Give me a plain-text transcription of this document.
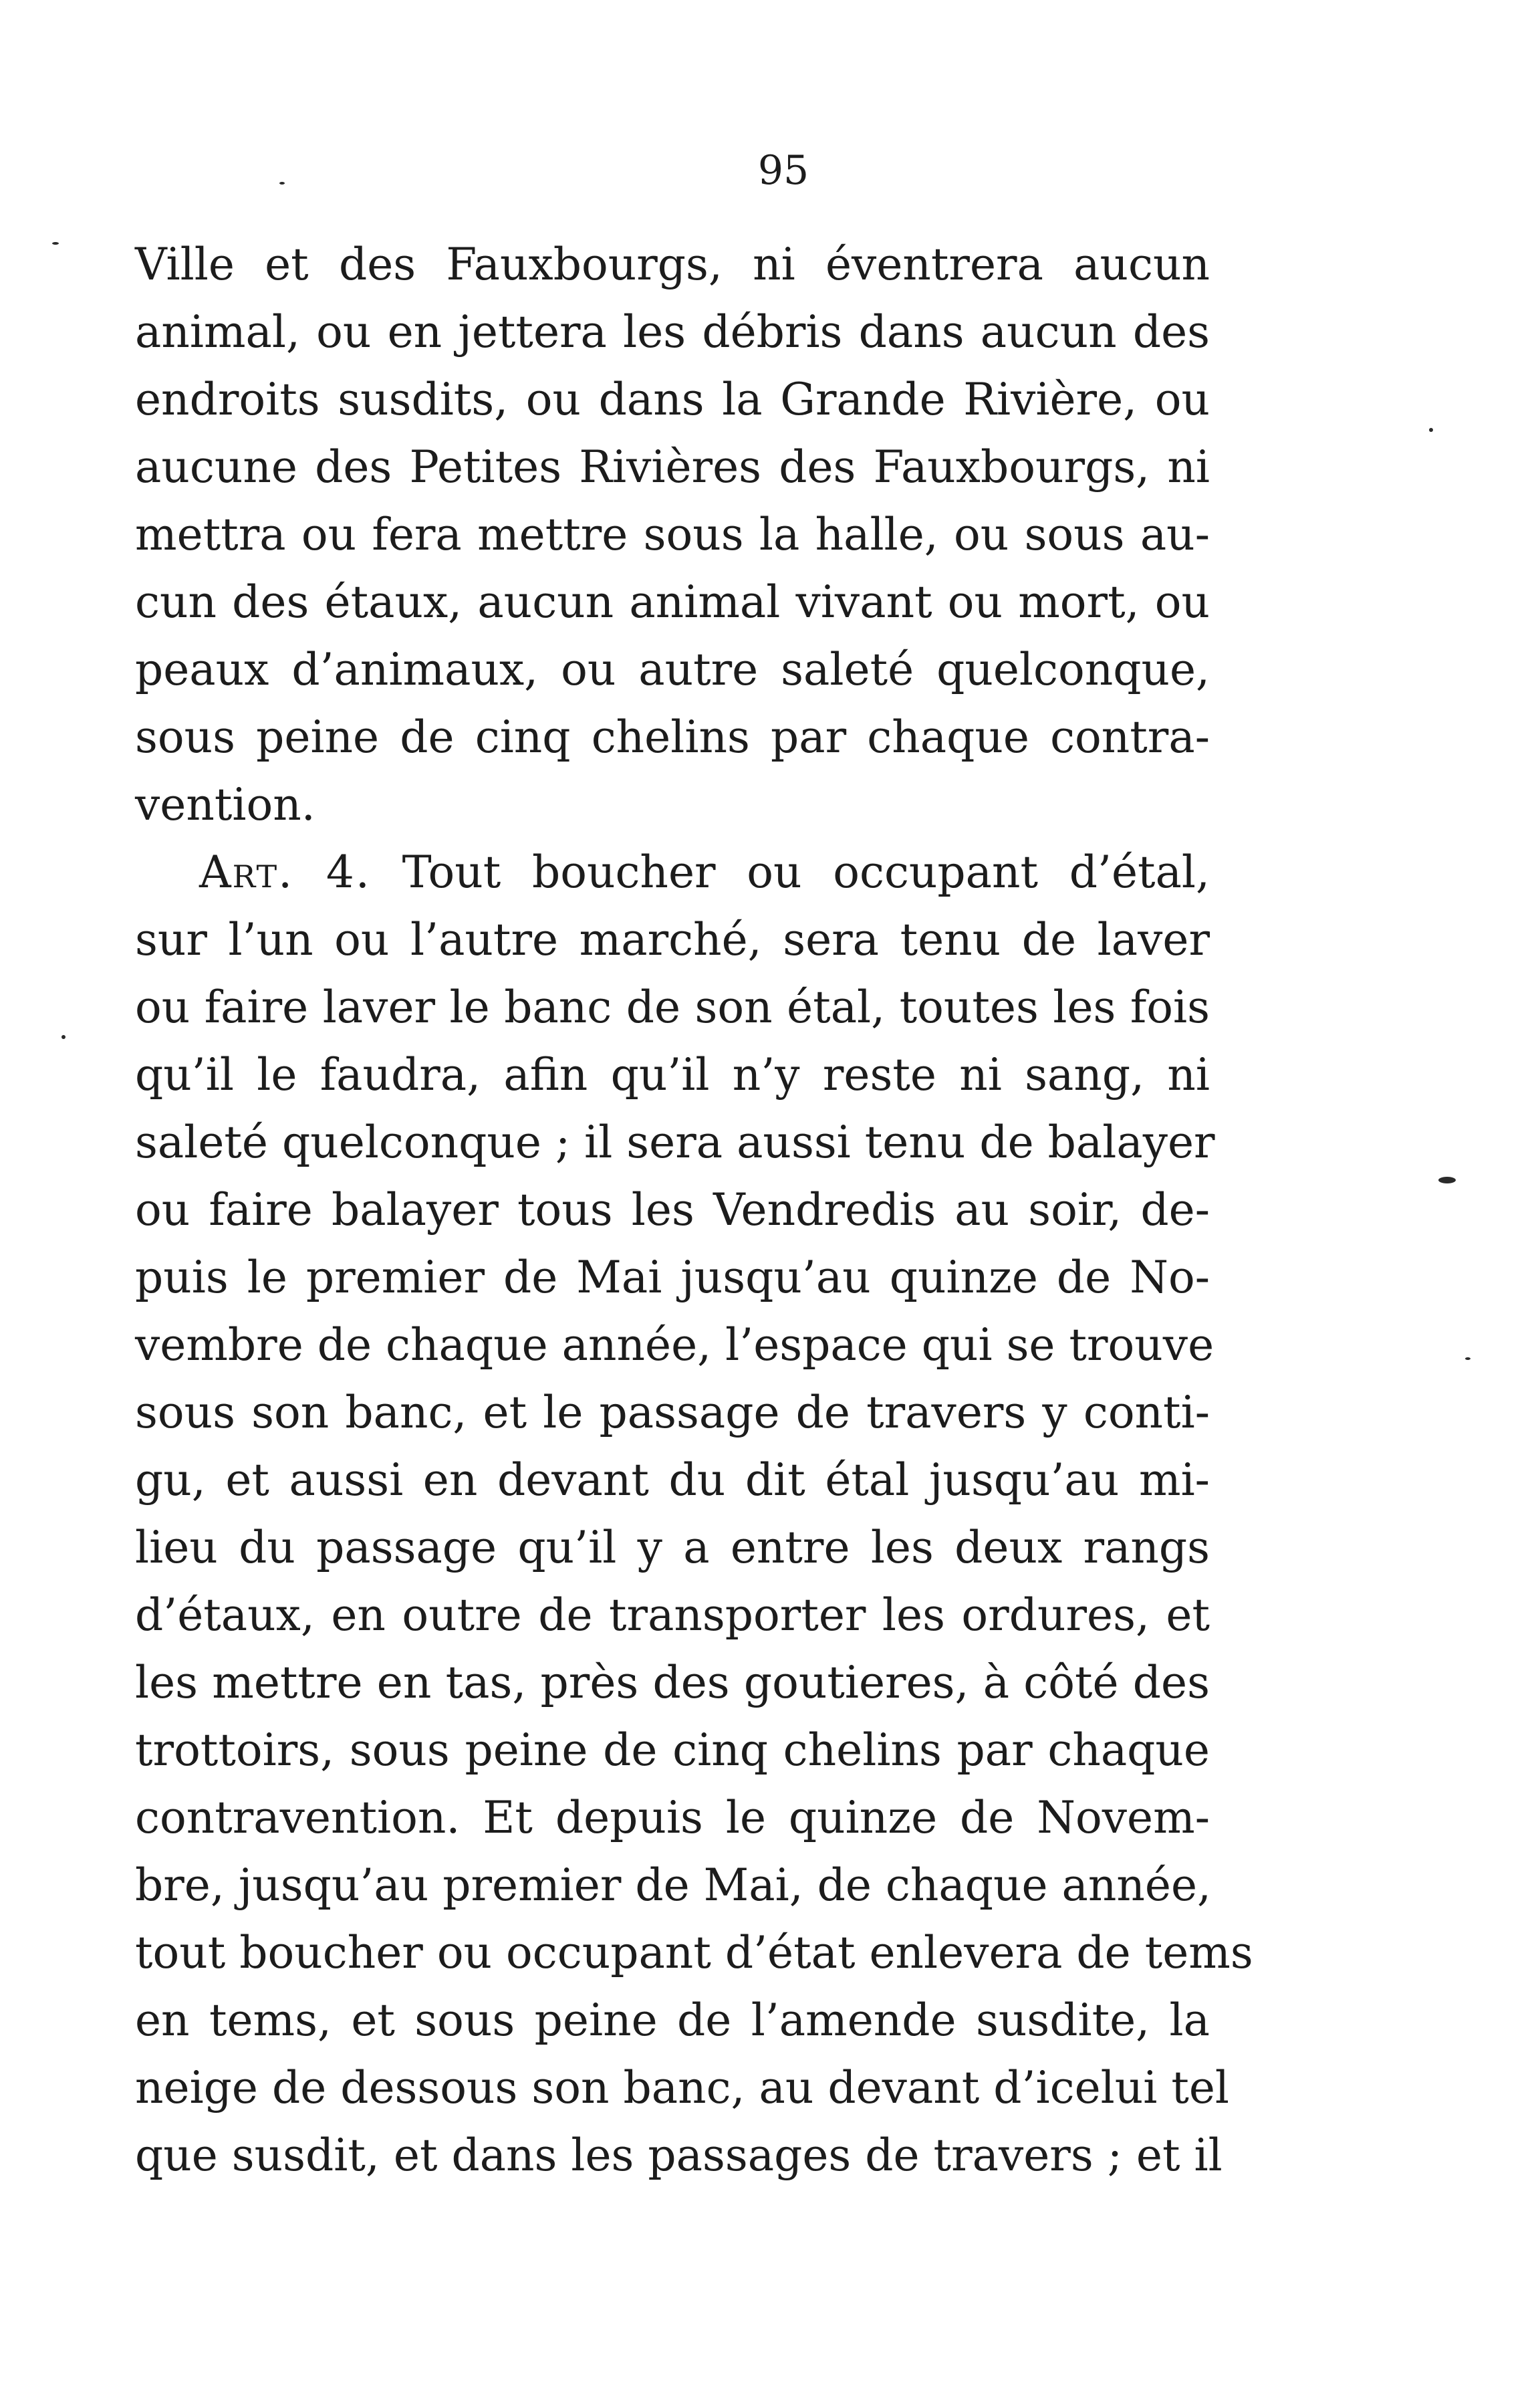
95
Ville et des Fauxbourgs, ni éventrera aucun
animal, ou en jettera les débris dans aucun des
endroits susdits, ou dans la Grande Rivière, ou
aucune des Petites Rivières des Fauxbourgs, ni
mettra ou fera mettre sous la halle, ou sous au-
cun des étaux, aucun animal vivant ou mort, ou
peaux d’animaux, ou autre saleté quelconque,
sous peine de cinq chelins par chaque contra-
vention.
Art. 4. Tout boucher ou occupant d’étal,
sur l’un ou l’autre marché, sera tenu de laver
ou faire laver le banc de son étal, toutes les fois
qu’il le faudra, afin qu’il n’y reste ni sang, ni
saleté quelconque ; il sera aussi tenu de balayer
ou faire balayer tous les Vendredis au soir, de-
puis le premier de Mai jusqu’au quinze de No-
vembre de chaque année, l’espace qui se trouve
sous son banc, et le passage de travers y conti-
gu, et aussi en devant du dit étal jusqu’au mi-
lieu du passage qu’il y a entre les deux rangs
d’étaux, en outre de transporter les ordures, et
les mettre en tas, près des goutieres, à côté des
trottoirs, sous peine de cinq chelins par chaque
contravention. Et depuis le quinze de Novem-
bre, jusqu’au premier de Mai, de chaque année,
tout boucher ou occupant d’état enlevera de tems
en tems, et sous peine de l’amende susdite, la
neige de dessous son banc, au devant d’icelui tel
que susdit, et dans les passages de travers ; et il
